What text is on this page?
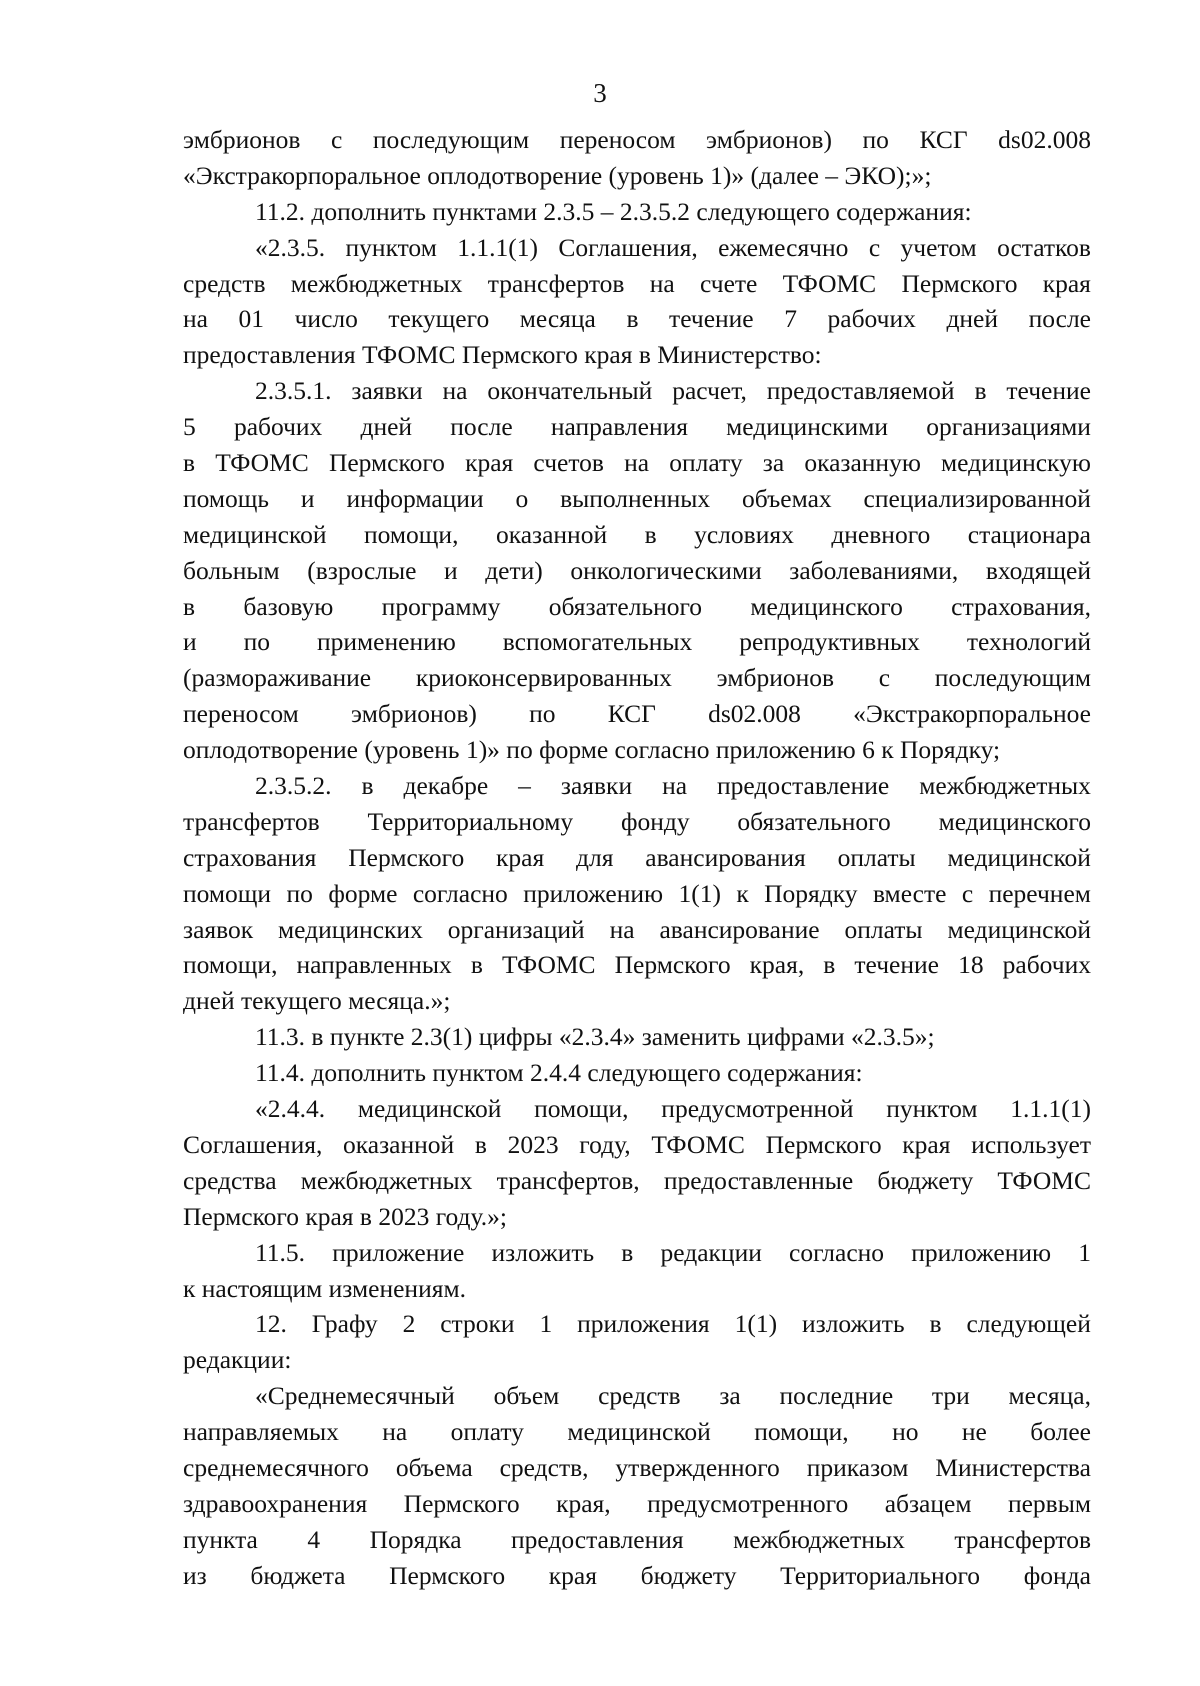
3
эмбрионов с последующим переносом эмбрионов) по КСГ ds02.008
«Экстракорпоральное оплодотворение (уровень 1)» (далее – ЭКО);»;
11.2. дополнить пунктами 2.3.5 – 2.3.5.2 следующего содержания:
«2.3.5. пунктом 1.1.1(1) Соглашения, ежемесячно с учетом остатков
средств межбюджетных трансфертов на счете ТФОМС Пермского края
на 01 число текущего месяца в течение 7 рабочих дней после
предоставления ТФОМС Пермского края в Министерство:
2.3.5.1. заявки на окончательный расчет, предоставляемой в течение
5 рабочих дней после направления медицинскими организациями
в ТФОМС Пермского края счетов на оплату за оказанную медицинскую
помощь и информации о выполненных объемах специализированной
медицинской помощи, оказанной в условиях дневного стационара
больным (взрослые и дети) онкологическими заболеваниями, входящей
в базовую программу обязательного медицинского страхования,
и по применению вспомогательных репродуктивных технологий
(размораживание криоконсервированных эмбрионов с последующим
переносом эмбрионов) по КСГ ds02.008 «Экстракорпоральное
оплодотворение (уровень 1)» по форме согласно приложению 6 к Порядку;
2.3.5.2. в декабре – заявки на предоставление межбюджетных
трансфертов Территориальному фонду обязательного медицинского
страхования Пермского края для авансирования оплаты медицинской
помощи по форме согласно приложению 1(1) к Порядку вместе с перечнем
заявок медицинских организаций на авансирование оплаты медицинской
помощи, направленных в ТФОМС Пермского края, в течение 18 рабочих
дней текущего месяца.»;
11.3. в пункте 2.3(1) цифры «2.3.4» заменить цифрами «2.3.5»;
11.4. дополнить пунктом 2.4.4 следующего содержания:
«2.4.4. медицинской помощи, предусмотренной пунктом 1.1.1(1)
Соглашения, оказанной в 2023 году, ТФОМС Пермского края использует
средства межбюджетных трансфертов, предоставленные бюджету ТФОМС
Пермского края в 2023 году.»;
11.5. приложение изложить в редакции согласно приложению 1
к настоящим изменениям.
12. Графу 2 строки 1 приложения 1(1) изложить в следующей
редакции:
«Среднемесячный объем средств за последние три месяца,
направляемых на оплату медицинской помощи, но не более
среднемесячного объема средств, утвержденного приказом Министерства
здравоохранения Пермского края, предусмотренного абзацем первым
пункта 4 Порядка предоставления межбюджетных трансфертов
из бюджета Пермского края бюджету Территориального фонда
